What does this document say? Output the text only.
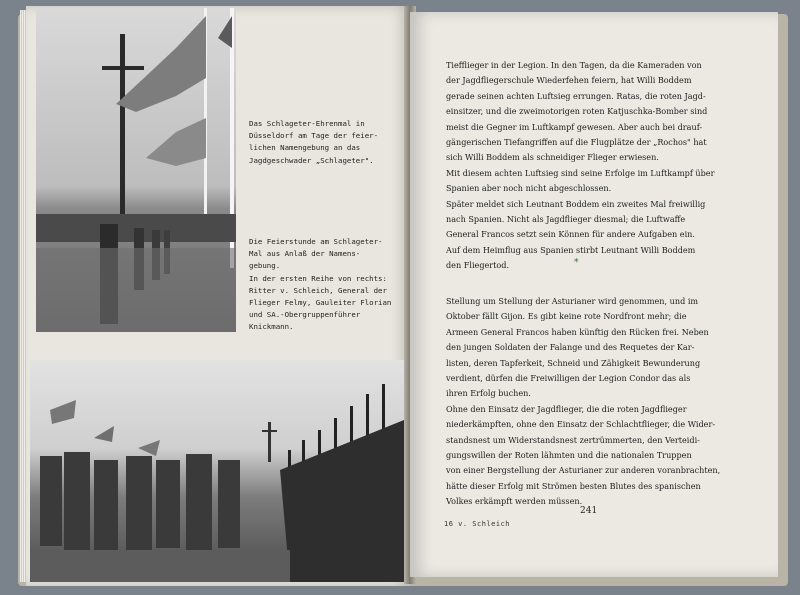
Das Schlageter-Ehrenmal in
Düsseldorf am Tage der feier-
lichen Namengebung an das
Jagdgeschwader „Schlageter".
Die Feierstunde am Schlageter-
Mal aus Anlaß der Namens-
gebung.
In der ersten Reihe von rechts:
Ritter v. Schleich, General der
Flieger Felmy, Gauleiter Florian
und SA.-Obergruppenführer
Knickmann.
Tiefflieger in der Legion. In den Tagen, da die Kameraden von
der Jagdfliegerschule Wiederfehen feiern, hat Willi Boddem
gerade seinen achten Luftsieg errungen. Ratas, die roten Jagd-
einsitzer, und die zweimotorigen roten Katjuschka-Bomber sind
meist die Gegner im Luftkampf gewesen. Aber auch bei drauf-
gängerischen Tiefangriffen auf die Flugplätze der „Rochos" hat
sich Willi Boddem als schneidiger Flieger erwiesen.
Mit diesem achten Luftsieg sind seine Erfolge im Luftkampf über
Spanien aber noch nicht abgeschlossen.
Später meldet sich Leutnant Boddem ein zweites Mal freiwillig
nach Spanien. Nicht als Jagdflieger diesmal; die Luftwaffe
General Francos setzt sein Können für andere Aufgaben ein.
Auf dem Heimflug aus Spanien stirbt Leutnant Willi Boddem
den Fliegertod.	*
Stellung um Stellung der Asturianer wird genommen, und im
Oktober fällt Gijon. Es gibt keine rote Nordfront mehr; die
Armeen General Francos haben künftig den Rücken frei. Neben
den jungen Soldaten der Falange und des Requetes der Kar-
listen, deren Tapferkeit, Schneid und Zähigkeit Bewunderung
verdient, dürfen die Freiwilligen der Legion Condor das als
ihren Erfolg buchen.
Ohne den Einsatz der Jagdflieger, die die roten Jagdflieger
niederkämpften, ohne den Einsatz der Schlachtflieger, die Wider-
standsnest um Widerstandsnest zertrümmerten, den Verteidi-
gungswillen der Roten lähmten und die nationalen Truppen
von einer Bergstellung der Asturianer zur anderen voranbrachten,
hätte dieser Erfolg mit Strömen besten Blutes des spanischen
Volkes erkämpft werden müssen.
16 v. Schleich
241
